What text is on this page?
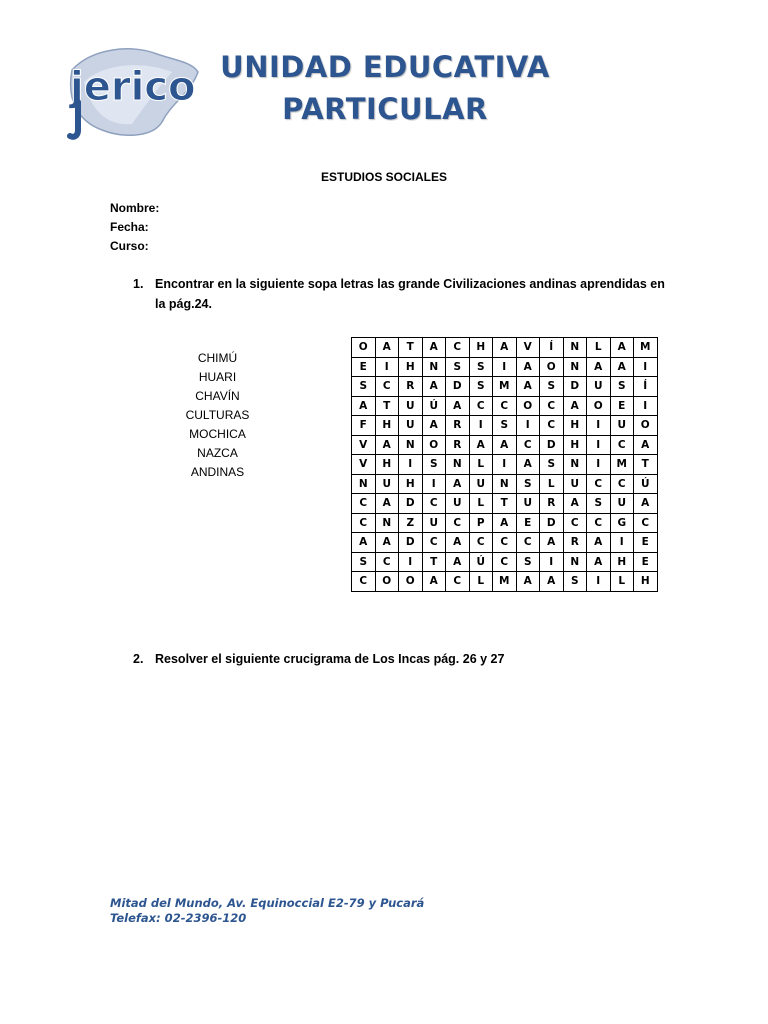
jerico UNIDAD EDUCATIVA
PARTICULAR
ESTUDIOS SOCIALES
Nombre:
Fecha:
Curso:
1. Encontrar en la siguiente sopa letras las grande Civilizaciones andinas aprendidas en la pág.24.
CHIMÚ
HUARI
CHAVÍN
CULTURAS
MOCHICA
NAZCA
ANDINAS
O	A	T	A	C	H	A	V	Í	N	L	A	M
E	I	H	N	S	S	I	A	O	N	A	A	I
S	C	R	A	D	S	M	A	S	D	U	S	Í
A	T	U	Ú	A	C	C	O	C	A	O	E	I
F	H	U	A	R	I	S	I	C	H	I	U	O
V	A	N	O	R	A	A	C	D	H	I	C	A
V	H	I	S	N	L	I	A	S	N	I	M	T
N	U	H	I	A	U	N	S	L	U	C	C	Ú
C	A	D	C	U	L	T	U	R	A	S	U	A
C	N	Z	U	C	P	A	E	D	C	C	G	C
A	A	D	C	A	C	C	C	A	R	A	I	E
S	C	I	T	A	Ú	C	S	I	N	A	H	E
C	O	O	A	C	L	M	A	A	S	I	L	H
2. Resolver el siguiente crucigrama de Los Incas pág. 26 y 27
Mitad del Mundo, Av. Equinoccial E2-79 y Pucará
Telefax: 02-2396-120
